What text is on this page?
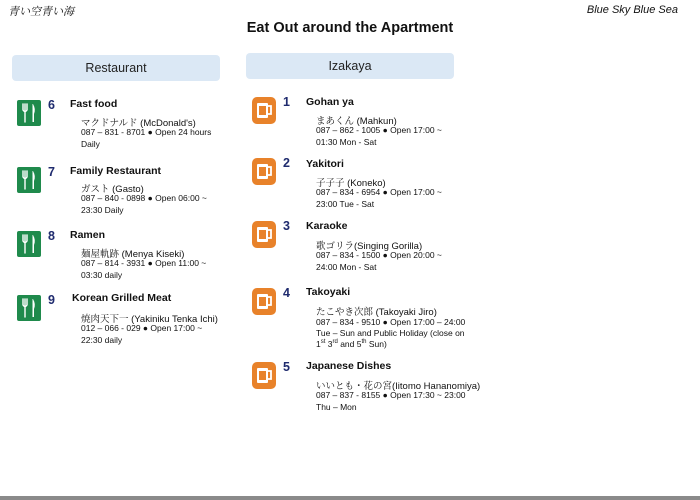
青い空青い海	Blue Sky Blue Sea
Eat Out around the Apartment
Restaurant	Izakaya
6 Fast food
マクドナルド (McDonald's)
087 – 831 - 8701 ● Open 24 hours
Daily
7 Family Restaurant
ガスト (Gasto)
087 – 840 - 0898 ● Open 06:00 ~
23:30 Daily
8 Ramen
麺屋軌跡 (Menya Kiseki)
087 – 814 - 3931 ● Open 11:00 ~
03:30 daily
9 Korean Grilled Meat
焼肉天下一 (Yakiniku Tenka Ichi)
012 – 066 - 029 ● Open 17:00 ~
22:30 daily
1 Gohan ya
まあくん (Mahkun)
087 – 862 - 1005 ● Open 17:00 ~
01:30 Mon - Sat
2 Yakitori
子子子 (Koneko)
087 – 834 - 6954 ● Open 17:00 ~
23:00 Tue - Sat
3 Karaoke
歌ゴリラ(Singing Gorilla)
087 – 834 - 1500 ● Open 20:00 ~
24:00 Mon - Sat
4 Takoyaki
たこやき次郎 (Takoyaki Jiro)
087 – 834 - 9510 ● Open 17:00 – 24:00
Tue – Sun and Public Holiday (close on
1st 3rd and 5th Sun)
5 Japanese Dishes
いいとも・花の宮(Iitomo Hananomiya)
087 – 837 - 8155 ● Open 17:30 ~ 23:00
Thu – Mon
